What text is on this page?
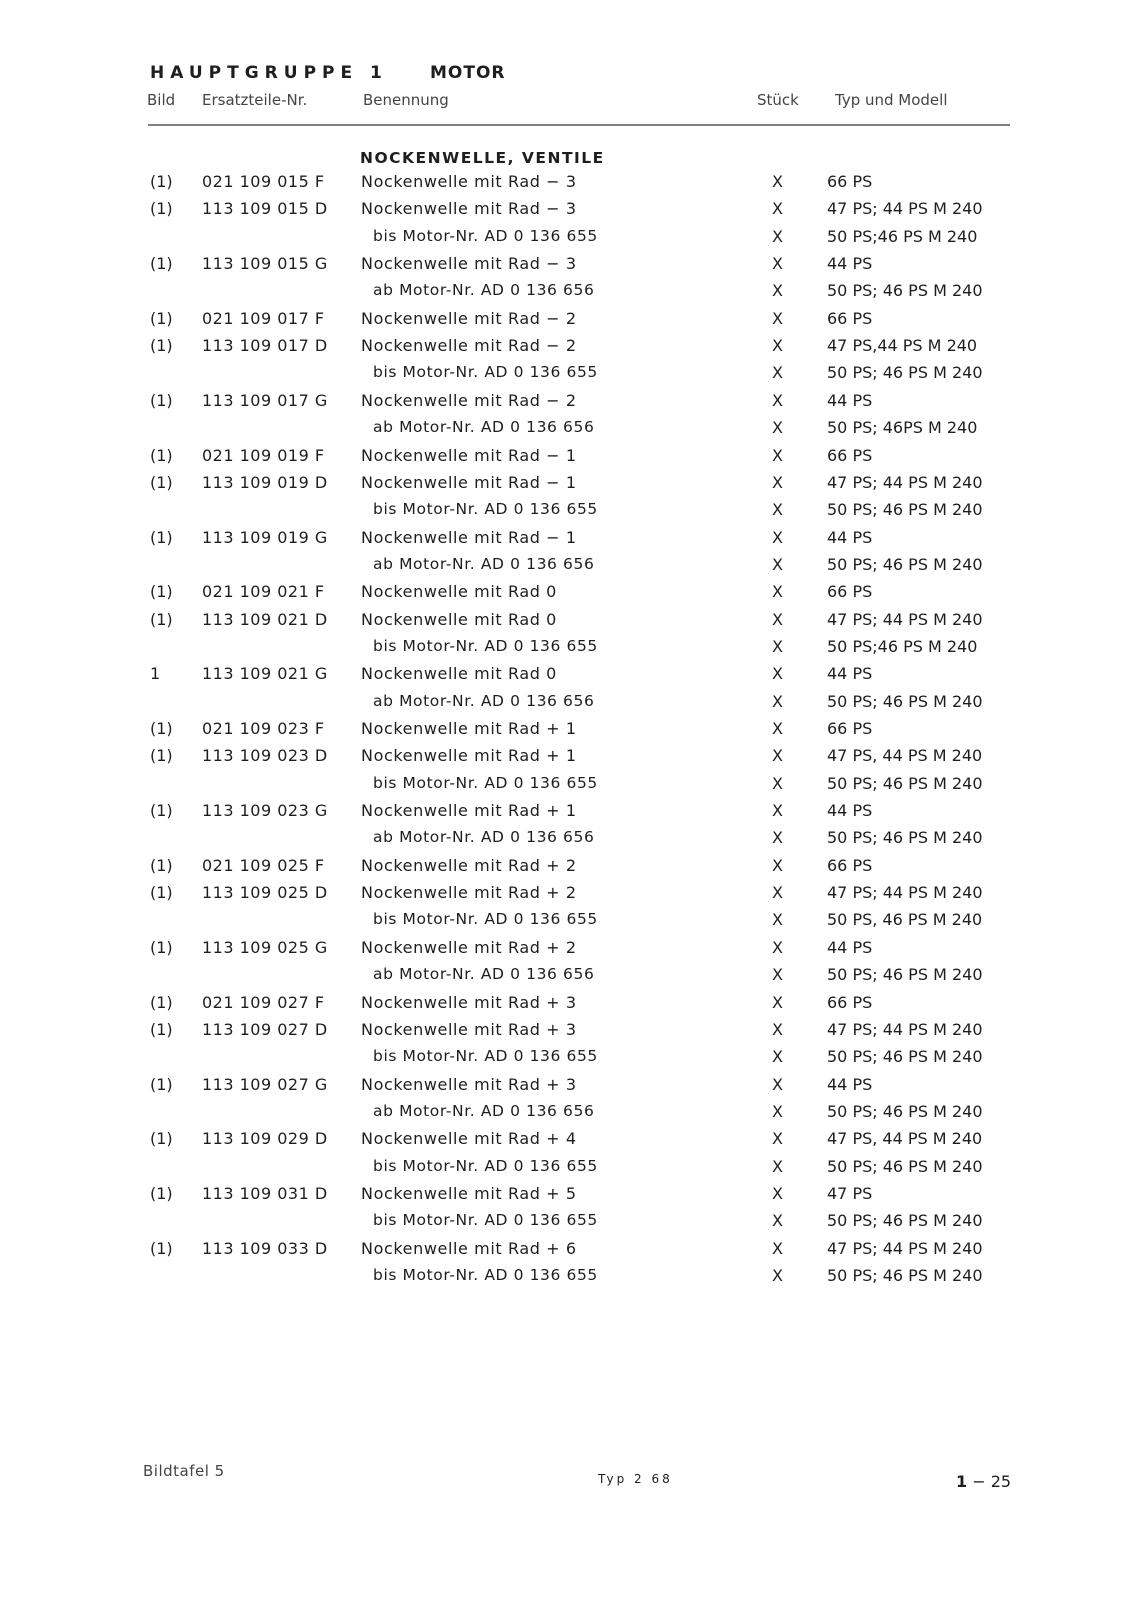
HAUPTGRUPPE 1 MOTOR
Bild Ersatzteile-Nr.	Benennung	Stück Typ und Modell
NOCKENWELLE, VENTILE
(1) 021 109 015 F Nockenwelle mit Rad − 3	X	66 PS
(1) 113 109 015 D Nockenwelle mit Rad − 3	X	47 PS; 44 PS M 240
bis Motor-Nr. AD 0 136 655	X	50 PS;46 PS M 240
(1) 113 109 015 G Nockenwelle mit Rad − 3	X	44 PS
ab Motor-Nr. AD 0 136 656	X	50 PS; 46 PS M 240
(1) 021 109 017 F Nockenwelle mit Rad − 2	X	66 PS
(1) 113 109 017 D Nockenwelle mit Rad − 2	X	47 PS,44 PS M 240
bis Motor-Nr. AD 0 136 655	X	50 PS; 46 PS M 240
(1) 113 109 017 G Nockenwelle mit Rad − 2	X	44 PS
ab Motor-Nr. AD 0 136 656	X	50 PS; 46PS M 240
(1) 021 109 019 F Nockenwelle mit Rad − 1	X	66 PS
(1) 113 109 019 D Nockenwelle mit Rad − 1	X	47 PS; 44 PS M 240
bis Motor-Nr. AD 0 136 655	X	50 PS; 46 PS M 240
(1) 113 109 019 G Nockenwelle mit Rad − 1	X	44 PS
ab Motor-Nr. AD 0 136 656	X	50 PS; 46 PS M 240
(1) 021 109 021 F Nockenwelle mit Rad 0	X	66 PS
(1) 113 109 021 D Nockenwelle mit Rad 0	X	47 PS; 44 PS M 240
bis Motor-Nr. AD 0 136 655	X	50 PS;46 PS M 240
1	113 109 021 G Nockenwelle mit Rad 0	X	44 PS
ab Motor-Nr. AD 0 136 656	X	50 PS; 46 PS M 240
(1) 021 109 023 F Nockenwelle mit Rad + 1	X	66 PS
(1) 113 109 023 D Nockenwelle mit Rad + 1	X	47 PS, 44 PS M 240
bis Motor-Nr. AD 0 136 655	X	50 PS; 46 PS M 240
(1) 113 109 023 G Nockenwelle mit Rad + 1	X	44 PS
ab Motor-Nr. AD 0 136 656	X	50 PS; 46 PS M 240
(1) 021 109 025 F Nockenwelle mit Rad + 2	X	66 PS
(1) 113 109 025 D Nockenwelle mit Rad + 2	X	47 PS; 44 PS M 240
bis Motor-Nr. AD 0 136 655	X	50 PS, 46 PS M 240
(1) 113 109 025 G Nockenwelle mit Rad + 2	X	44 PS
ab Motor-Nr. AD 0 136 656	X	50 PS; 46 PS M 240
(1) 021 109 027 F Nockenwelle mit Rad + 3	X	66 PS
(1) 113 109 027 D Nockenwelle mit Rad + 3	X	47 PS; 44 PS M 240
bis Motor-Nr. AD 0 136 655	X	50 PS; 46 PS M 240
(1) 113 109 027 G Nockenwelle mit Rad + 3	X	44 PS
ab Motor-Nr. AD 0 136 656	X	50 PS; 46 PS M 240
(1) 113 109 029 D Nockenwelle mit Rad + 4	X	47 PS, 44 PS M 240
bis Motor-Nr. AD 0 136 655	X	50 PS; 46 PS M 240
(1) 113 109 031 D Nockenwelle mit Rad + 5	X	47 PS
bis Motor-Nr. AD 0 136 655	X	50 PS; 46 PS M 240
(1) 113 109 033 D Nockenwelle mit Rad + 6	X	47 PS; 44 PS M 240
bis Motor-Nr. AD 0 136 655	X	50 PS; 46 PS M 240
Bildtafel 5	Typ 2 68	1 − 25
